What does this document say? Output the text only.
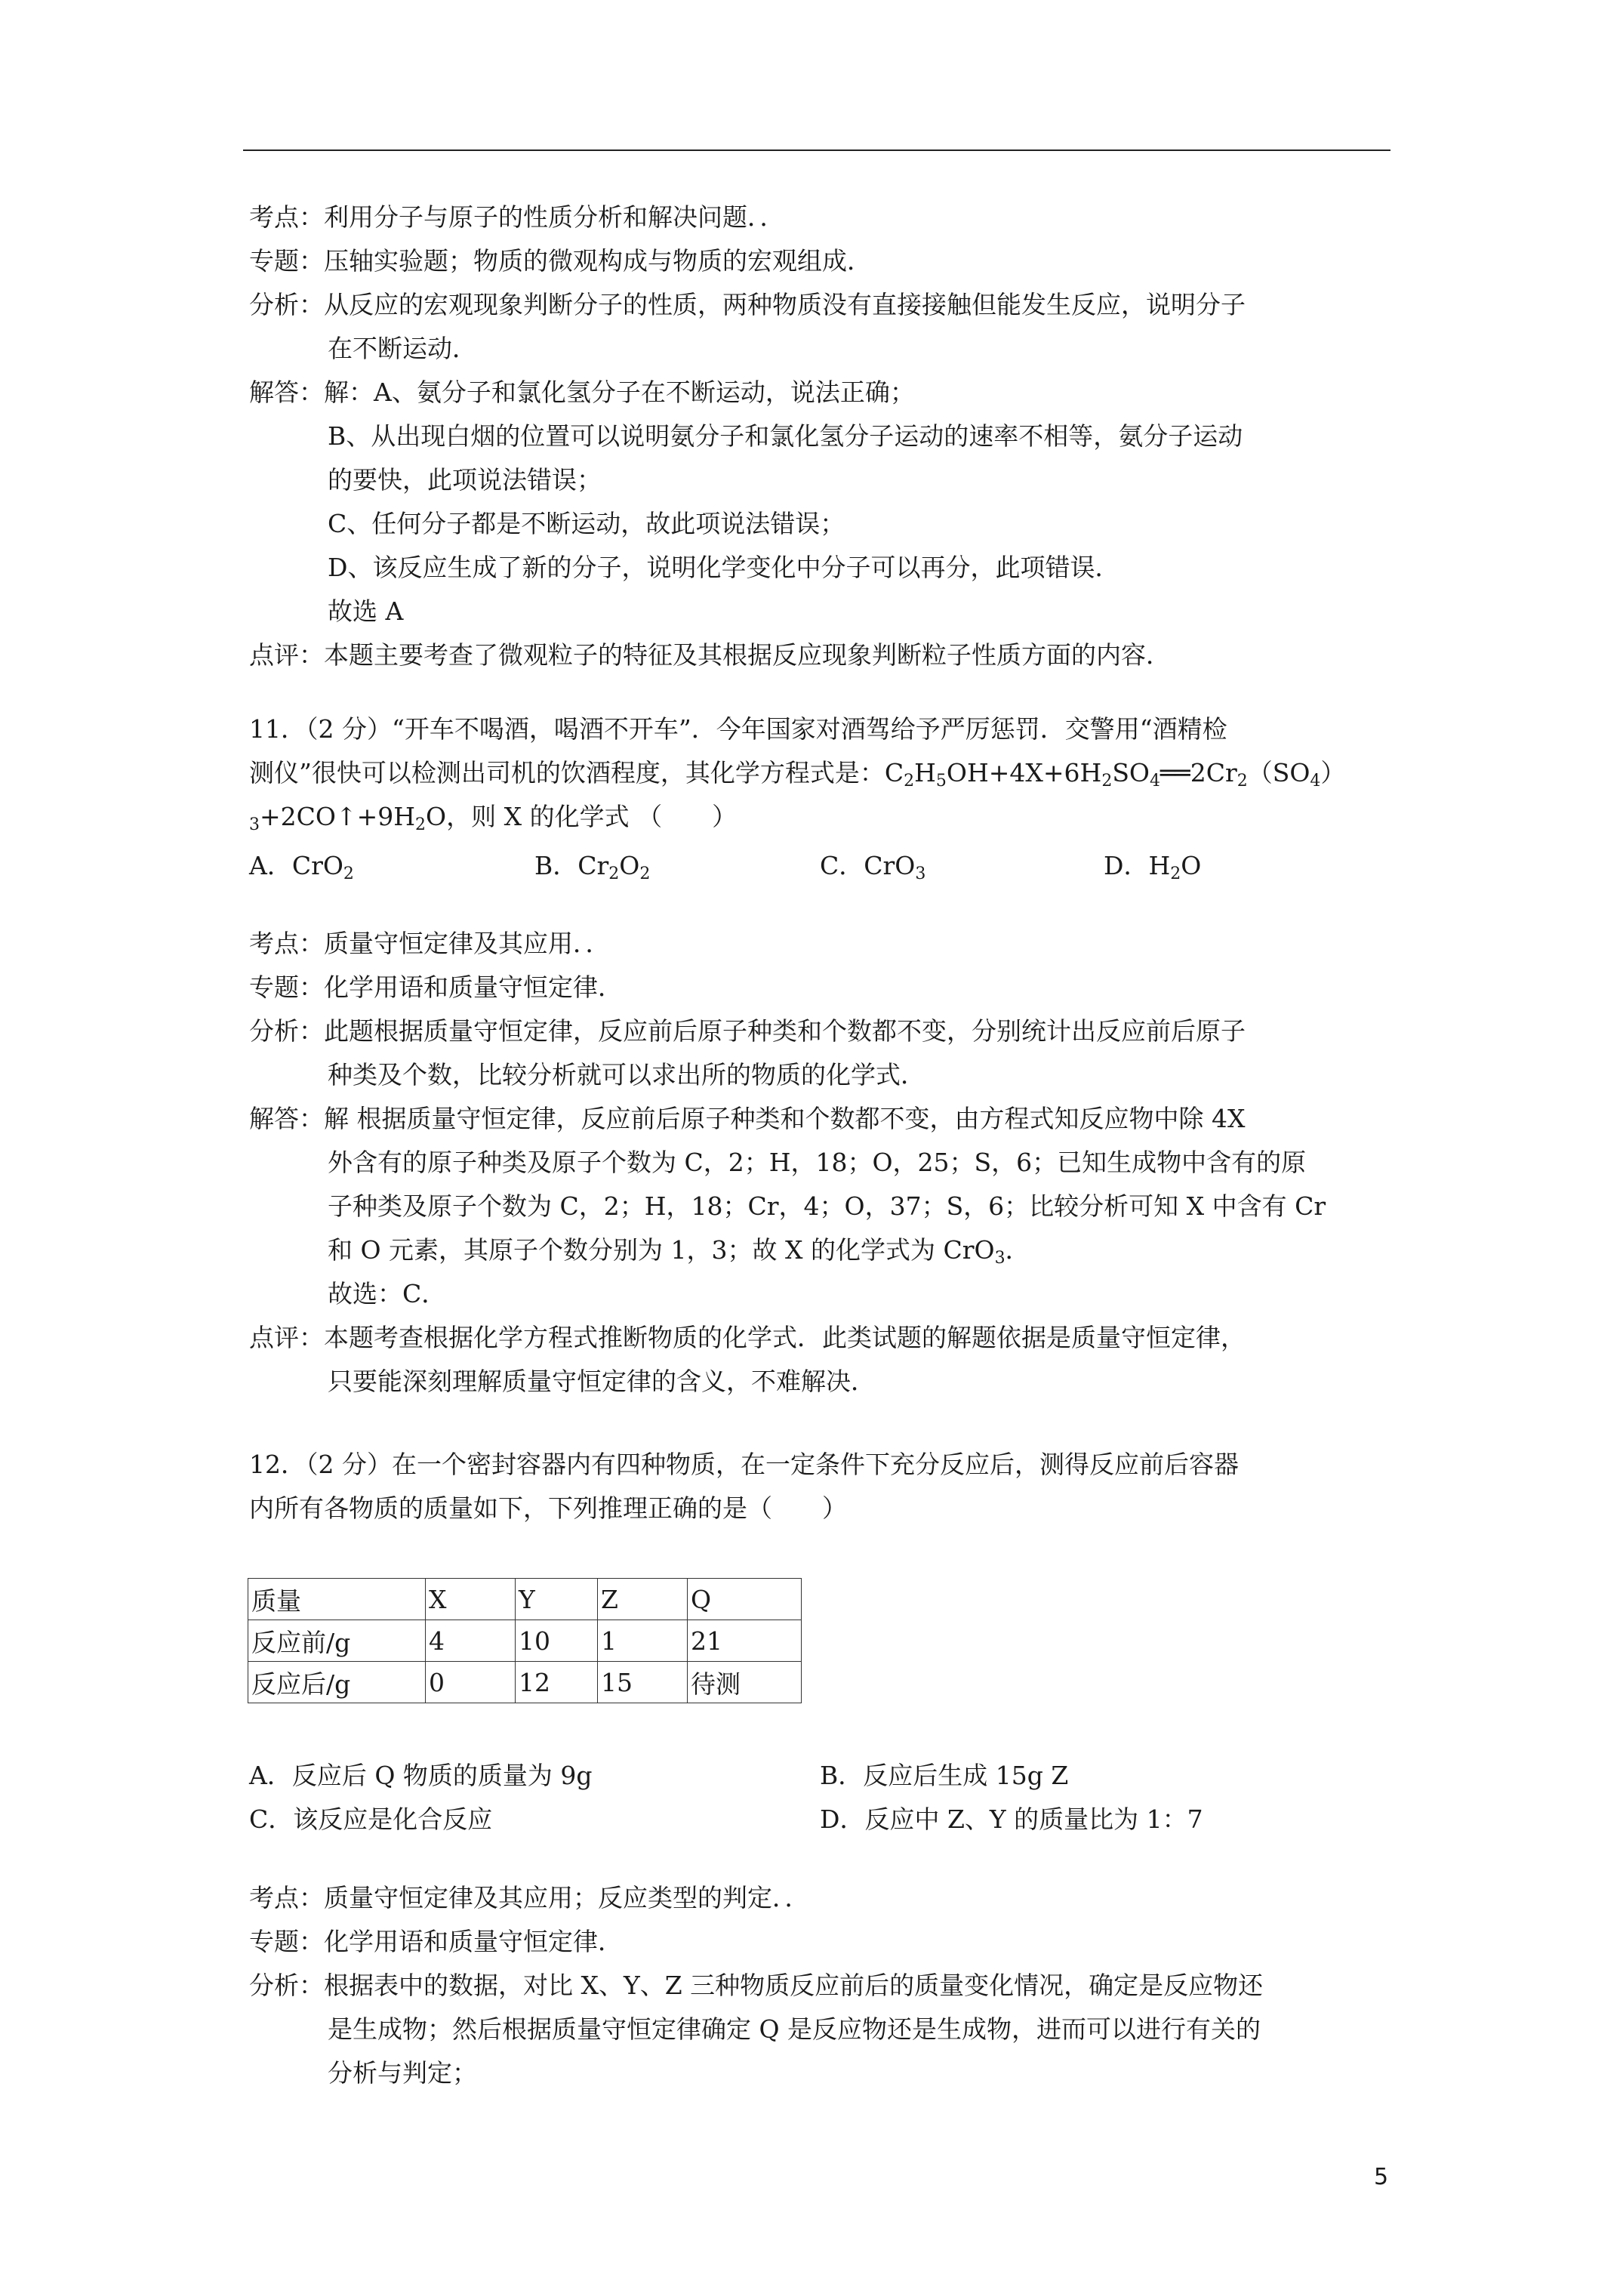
考点：利用分子与原子的性质分析和解决问题．．
专题：压轴实验题；物质的微观构成与物质的宏观组成．
分析：从反应的宏观现象判断分子的性质，两种物质没有直接接触但能发生反应，说明分子
在不断运动．
解答：解：A、氨分子和氯化氢分子在不断运动，说法正确；
B、从出现白烟的位置可以说明氨分子和氯化氢分子运动的速率不相等，氨分子运动
的要快，此项说法错误；
C、任何分子都是不断运动，故此项说法错误；
D、该反应生成了新的分子，说明化学变化中分子可以再分，此项错误．
故选 A
点评：本题主要考查了微观粒子的特征及其根据反应现象判断粒子性质方面的内容．
11．（2 分）“开车不喝酒，喝酒不开车”．今年国家对酒驾给予严厉惩罚．交警用“酒精检
测仪”很快可以检测出司机的饮酒程度，其化学方程式是：$C_2H_5OH+4X+6H_2SO_4══2Cr_2(SO_4)$
$_3+2CO↑+9H_2O$，则 X 的化学式 （　　）
A．CrO$_2$	B．$Cr_2O_2$	C．CrO$_3$	D．$H_2O$
考点：质量守恒定律及其应用．．
专题：化学用语和质量守恒定律．
分析：此题根据质量守恒定律，反应前后原子种类和个数都不变，分别统计出反应前后原子
种类及个数，比较分析就可以求出所的物质的化学式．
解答：解 根据质量守恒定律，反应前后原子种类和个数都不变，由方程式知反应物中除 4X
外含有的原子种类及原子个数为 C，2；H，18；O，25；S，6；已知生成物中含有的原
子种类及原子个数为 C，2；H，18；Cr，4；O，37；S，6；比较分析可知 X 中含有 Cr
和 O 元素，其原子个数分别为 1，3；故 X 的化学式为 CrO$_3$．
故选：C．
点评：本题考查根据化学方程式推断物质的化学式．此类试题的解题依据是质量守恒定律，
只要能深刻理解质量守恒定律的含义，不难解决．
12．（2 分）在一个密封容器内有四种物质，在一定条件下充分反应后，测得反应前后容器
内所有各物质的质量如下，下列推理正确的是（　　）
质量	X	Y	Z	Q
反应前/g	4	10	1	21
反应后/g	0	12	15	待测
A．反应后 Q 物质的质量为 9g	B．反应后生成 15g Z
C．该反应是化合反应	D．反应中 Z、Y 的质量比为 1：7
考点：质量守恒定律及其应用；反应类型的判定．．
专题：化学用语和质量守恒定律．
分析：根据表中的数据，对比 X、Y、Z 三种物质反应前后的质量变化情况，确定是反应物还
是生成物；然后根据质量守恒定律确定 Q 是反应物还是生成物，进而可以进行有关的
分析与判定；
5
